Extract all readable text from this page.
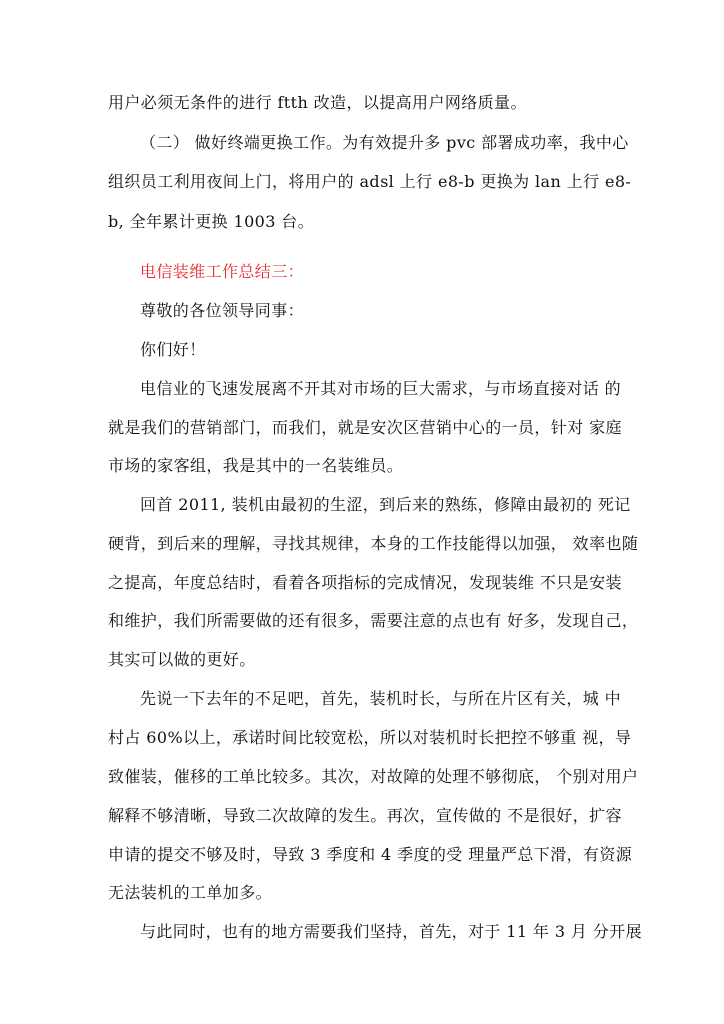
用户必须无条件的进行 ftth 改造，以提高用户网络质量。
（二） 做好终端更换工作。为有效提升多 pvc 部署成功率，我中心
组织员工利用夜间上门，将用户的 adsl 上行 e8-b 更换为 lan 上行 e8-
b, 全年累计更换 1003 台。
电信装维工作总结三：
尊敬的各位领导同事：
你们好！
电信业的飞速发展离不开其对市场的巨大需求，与市场直接对话 的
就是我们的营销部门，而我们，就是安次区营销中心的一员，针对 家庭
市场的家客组，我是其中的一名装维员。
回首 2011, 装机由最初的生涩，到后来的熟练，修障由最初的 死记
硬背，到后来的理解，寻找其规律，本身的工作技能得以加强， 效率也随
之提高，年度总结时，看着各项指标的完成情况，发现装维 不只是安装
和维护，我们所需要做的还有很多，需要注意的点也有 好多，发现自己，
其实可以做的更好。
先说一下去年的不足吧，首先，装机时长，与所在片区有关，城 中
村占 60%以上，承诺时间比较宽松，所以对装机时长把控不够重 视，导
致催装，催移的工单比较多。其次，对故障的处理不够彻底， 个别对用户
解释不够清晰，导致二次故障的发生。再次，宣传做的 不是很好，扩容
申请的提交不够及时，导致 3 季度和 4 季度的受 理量严总下滑，有资源
无法装机的工单加多。
与此同时，也有的地方需要我们坚持，首先，对于 11 年 3 月 分开展
